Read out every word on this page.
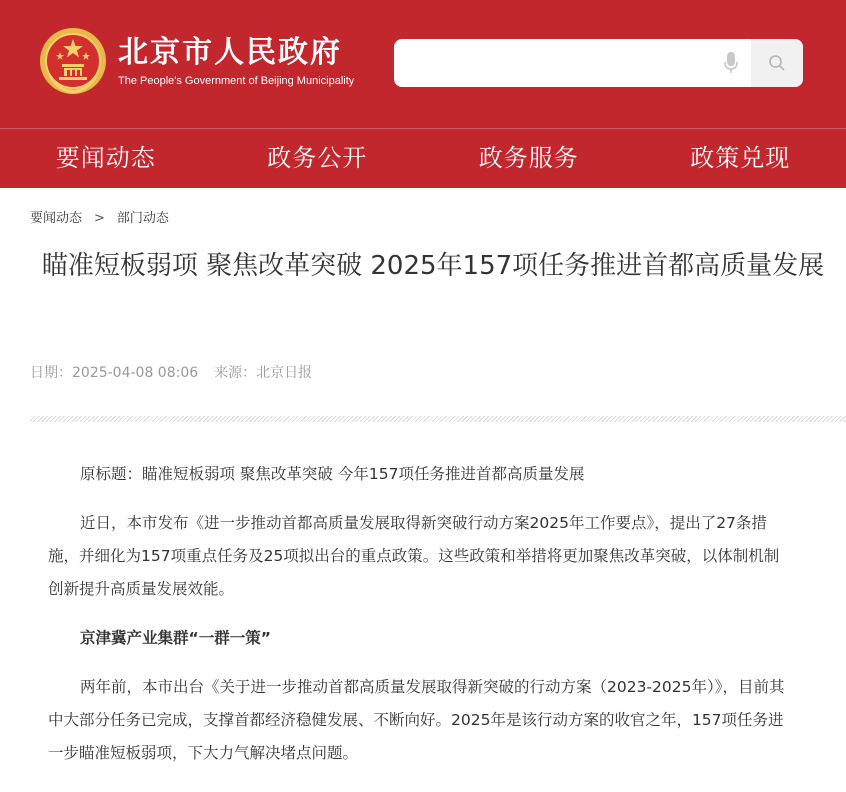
北京市人民政府
The People's Government of Beijing Municipality
要闻动态	政务公开	政务服务	政策兑现
要闻动态 > 部门动态
瞄准短板弱项 聚焦改革突破 2025年157项任务推进首都高质量发展
日期：2025-04-08 08:06 来源：北京日报

原标题：瞄准短板弱项 聚焦改革突破 今年157项任务推进首都高质量发展

近日，本市发布《进一步推动首都高质量发展取得新突破行动方案2025年工作要点》，提出了27条措施，并细化为157项重点任务及25项拟出台的重点政策。这些政策和举措将更加聚焦改革突破，以体制机制创新提升高质量发展效能。

京津冀产业集群“一群一策”

两年前，本市出台《关于进一步推动首都高质量发展取得新突破的行动方案（2023-2025年）》，目前其中大部分任务已完成，支撑首都经济稳健发展、不断向好。2025年是该行动方案的收官之年，157项任务进一步瞄准短板弱项，下大力气解决堵点问题。
